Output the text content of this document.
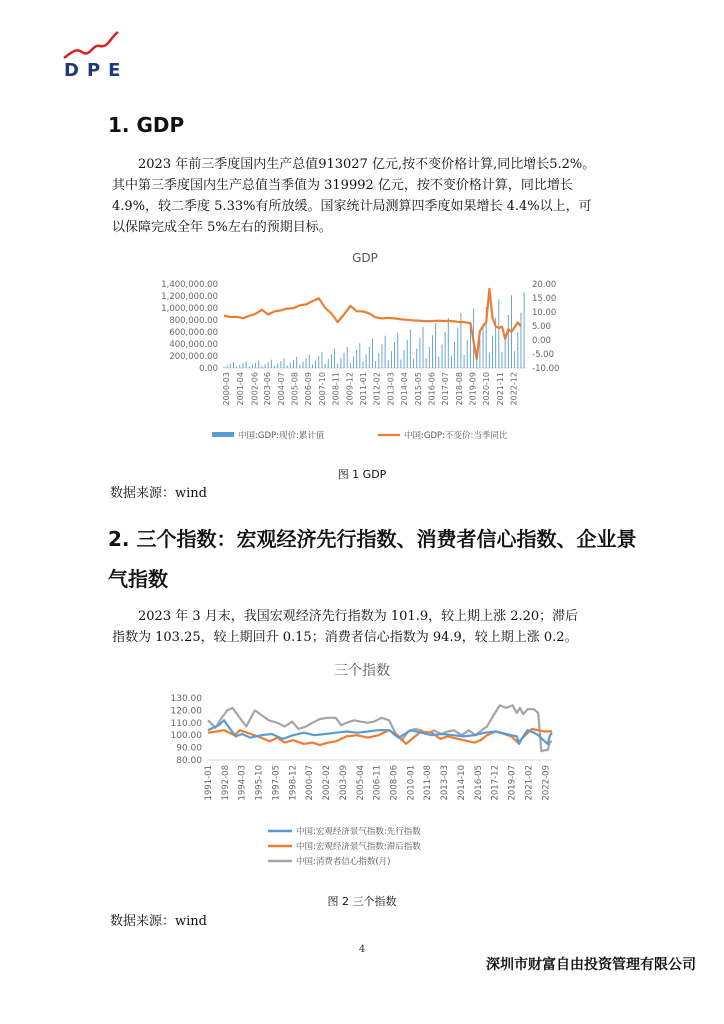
DPE
1. GDP
2023 年前三季度国内生产总值913027 亿元,按不变价格计算,同比增长5.2%。
其中第三季度国内生产总值当季值为 319992 亿元，按不变价格计算，同比增长
4.9%，较二季度 5.33%有所放缓。国家统计局测算四季度如果增长 4.4%以上，可
以保障完成全年 5%左右的预期目标。
GDP
1,400,000.00
1,200,000.00
1,000,000.00
800,000.00
600,000.00
400,000.00
200,000.00
0.00
20.00
15.00
10.00
5.00
0.00
-5.00
-10.00
2000-03 2001-04 2002-06 2003-06 2004-07 2005-08 2006-09 2007-10 2008-11 2009-12 2011-01 2012-02 2013-03 2014-04 2015-05 2016-06 2017-07 2018-08 2019-09 2020-10 2021-11 2022-12
中国:GDP:现价:累计值	中国:GDP:不变价:当季同比
图 1 GDP
数据来源：wind
2. 三个指数：宏观经济先行指数、消费者信心指数、企业景
气指数
2023 年 3 月末，我国宏观经济先行指数为 101.9，较上期上涨 2.20；滞后
指数为 103.25，较上期回升 0.15；消费者信心指数为 94.9，较上期上涨 0.2。
三个指数
130.00
120.00
110.00
100.00
90.00
80.00
1991-01 1992-08 1994-03 1995-10 1997-05 1998-12 2000-07 2002-02 2003-09 2005-04 2006-11 2008-06 2010-01 2011-08 2013-03 2014-10 2016-05 2017-12 2019-07 2021-02 2022-09
中国:宏观经济景气指数:先行指数
中国:宏观经济景气指数:滞后指数
中国:消费者信心指数(月)
图 2 三个指数
数据来源：wind
4
深圳市财富自由投资管理有限公司
